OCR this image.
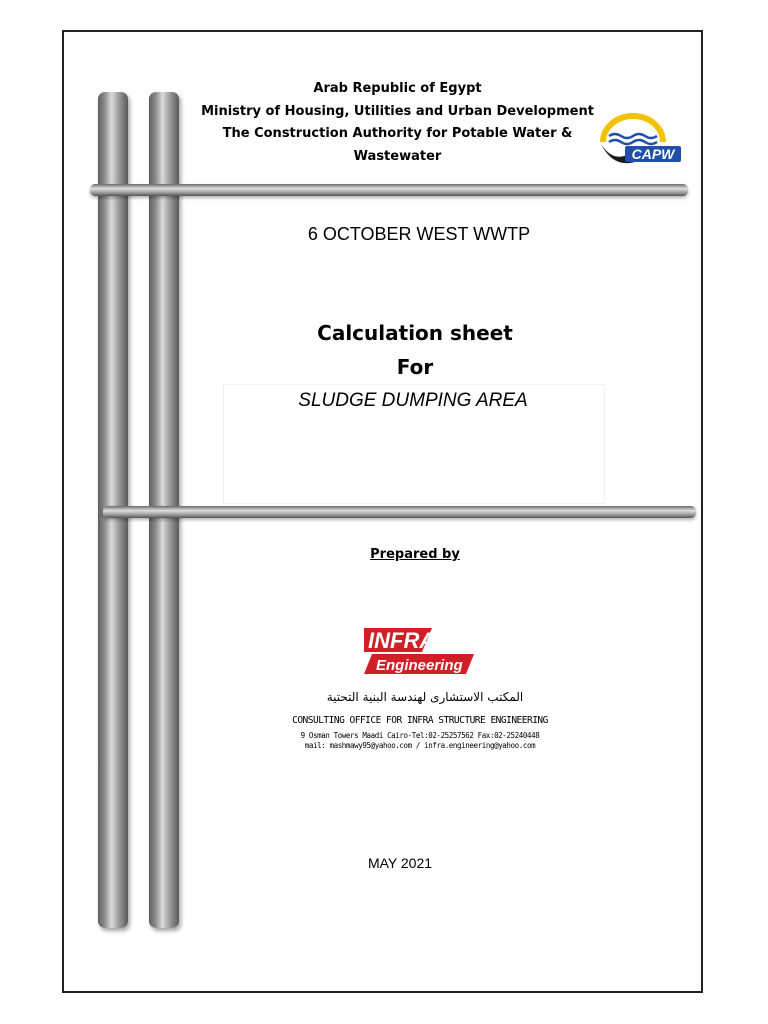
Arab Republic of Egypt
Ministry of Housing, Utilities and Urban Development
The Construction Authority for Potable Water &
Wastewater	CAPW
6 OCTOBER WEST WWTP
Calculation sheet
For
SLUDGE DUMPING AREA
Prepared by
INFRA
Engineering
المكتب الاستشارى لهندسة البنية التحتية
CONSULTING OFFICE FOR INFRA STRUCTURE ENGINEERING
9 Osman Towers Maadi Cairo-Tel:02-25257562 Fax:02-25240448
mail: mashmawy95@yahoo.com / infra.engineering@yahoo.com
MAY 2021
